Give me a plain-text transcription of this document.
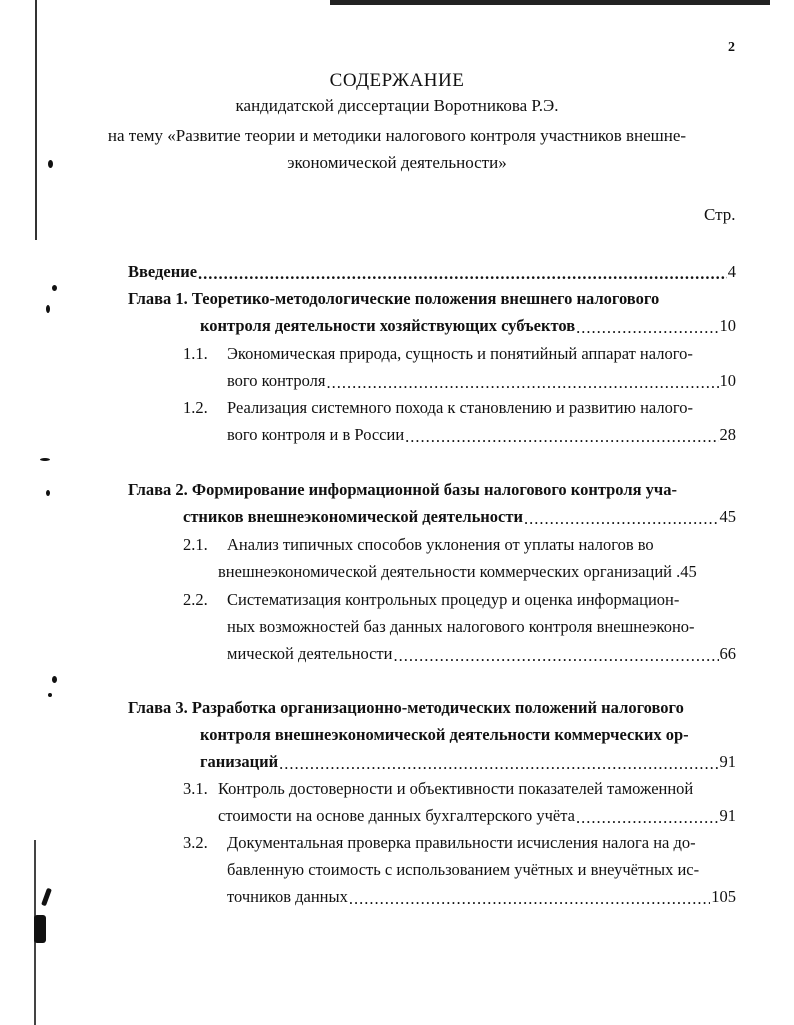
2
СОДЕРЖАНИЕ
кандидатской диссертации Воротникова Р.Э.
на тему «Развитие теории и методики налогового контроля участников внешне-
экономической деятельности»
Стр.
Введение .....	4
Глава 1. Теоретико-методологические положения внешнего налогового
контроля деятельности хозяйствующих субъектов .....	10
1.1. Экономическая природа, сущность и понятийный аппарат налого-
вого контроля .....	10
1.2. Реализация системного похода к становлению и развитию налого-
вого контроля и в России .....	28
Глава 2. Формирование информационной базы налогового контроля уча-
стников внешнеэкономической деятельности .....	45
2.1. Анализ типичных способов уклонения от уплаты налогов во
внешнеэкономической деятельности коммерческих организаций .45
2.2. Систематизация контрольных процедур и оценка информацион-
ных возможностей баз данных налогового контроля внешнеэконо-
мической деятельности .....	66
Глава 3. Разработка организационно-методических положений налогового
контроля внешнеэкономической деятельности коммерческих ор-
ганизаций .....	91
3.1. Контроль достоверности и объективности показателей таможенной
стоимости на основе данных бухгалтерского учёта .....	91
3.2. Документальная проверка правильности исчисления налога на до-
бавленную стоимость с использованием учётных и внеучётных ис-
точников данных .....	105
